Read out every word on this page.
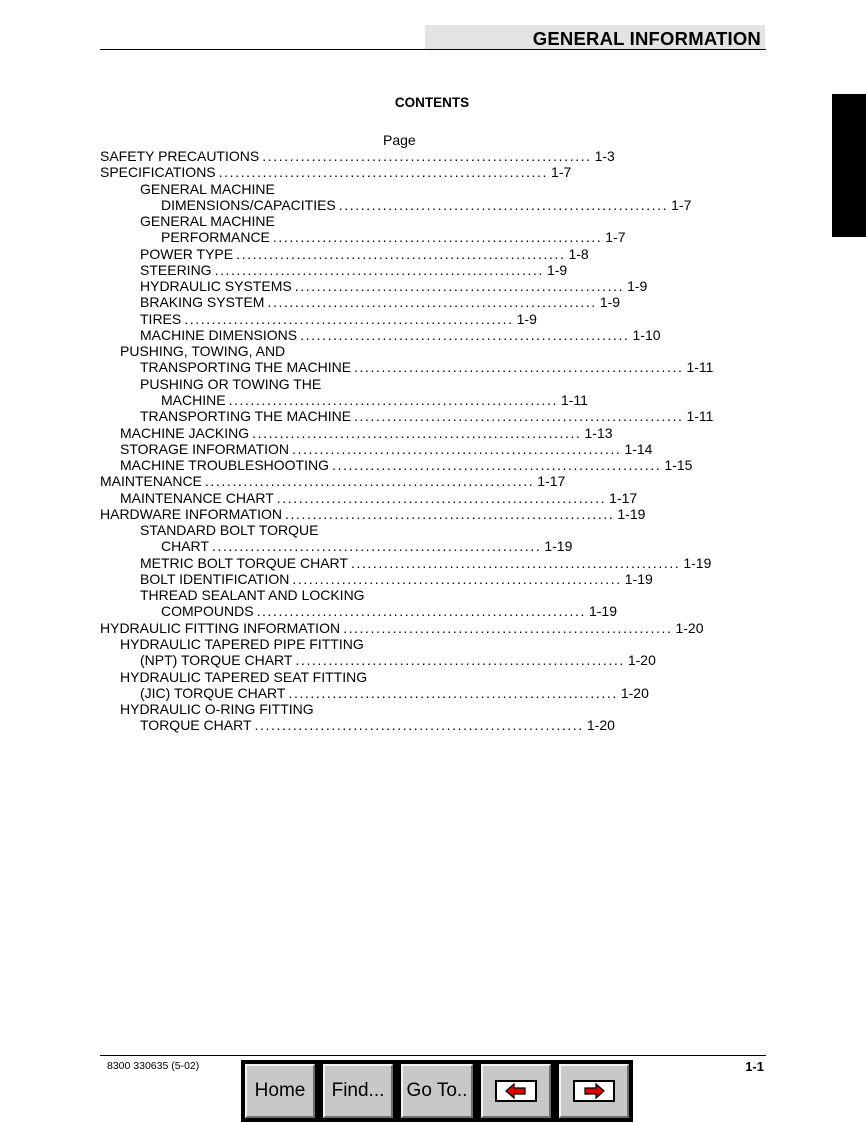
GENERAL INFORMATION
CONTENTS
Page
SAFETY PRECAUTIONS ............................................................ 1-3
SPECIFICATIONS ............................................................ 1-7
GENERAL MACHINE
DIMENSIONS/CAPACITIES ............................................................ 1-7
GENERAL MACHINE
PERFORMANCE ............................................................ 1-7
POWER TYPE ............................................................ 1-8
STEERING ............................................................ 1-9
HYDRAULIC SYSTEMS ............................................................ 1-9
BRAKING SYSTEM ............................................................ 1-9
TIRES ............................................................ 1-9
MACHINE DIMENSIONS ............................................................ 1-10
PUSHING, TOWING, AND
TRANSPORTING THE MACHINE ............................................................ 1-11
PUSHING OR TOWING THE
MACHINE ............................................................ 1-11
TRANSPORTING THE MACHINE ............................................................ 1-11
MACHINE JACKING ............................................................ 1-13
STORAGE INFORMATION ............................................................ 1-14
MACHINE TROUBLESHOOTING ............................................................ 1-15
MAINTENANCE ............................................................ 1-17
MAINTENANCE CHART ............................................................ 1-17
HARDWARE INFORMATION ............................................................ 1-19
STANDARD BOLT TORQUE
CHART ............................................................ 1-19
METRIC BOLT TORQUE CHART ............................................................ 1-19
BOLT IDENTIFICATION ............................................................ 1-19
THREAD SEALANT AND LOCKING
COMPOUNDS ............................................................ 1-19
HYDRAULIC FITTING INFORMATION ............................................................ 1-20
HYDRAULIC TAPERED PIPE FITTING
(NPT) TORQUE CHART ............................................................ 1-20
HYDRAULIC TAPERED SEAT FITTING
(JIC) TORQUE CHART ............................................................ 1-20
HYDRAULIC O-RING FITTING
TORQUE CHART ............................................................ 1-20
8300 330635 (5-02)	1-1
Home Find... Go To..
